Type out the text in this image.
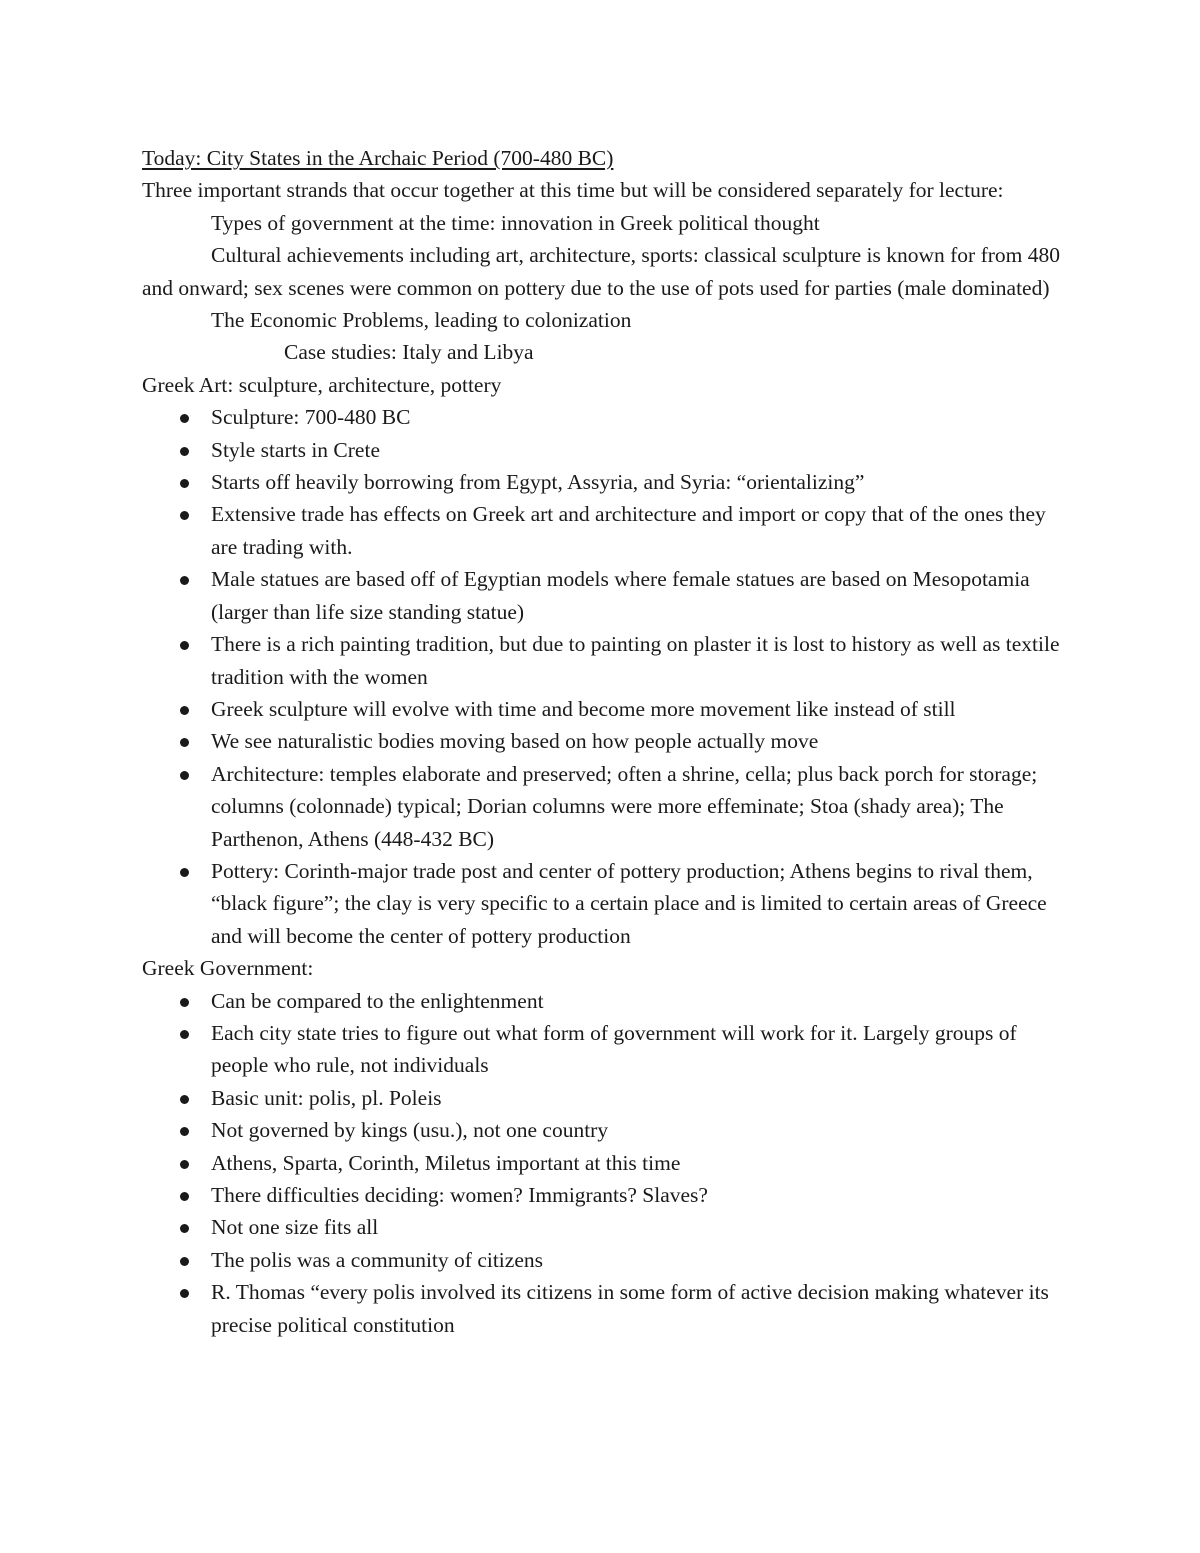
Today: City States in the Archaic Period (700-480 BC)

Three important strands that occur together at this time but will be considered separately for lecture:

Types of government at the time: innovation in Greek political thought

Cultural achievements including art, architecture, sports: classical sculpture is known for from 480 and onward; sex scenes were common on pottery due to the use of pots used for parties (male dominated)

The Economic Problems, leading to colonization

Case studies: Italy and Libya

Greek Art: sculpture, architecture, pottery

Sculpture: 700-480 BC
Style starts in Crete
Starts off heavily borrowing from Egypt, Assyria, and Syria: “orientalizing”
Extensive trade has effects on Greek art and architecture and import or copy that of the ones they are trading with.
Male statues are based off of Egyptian models where female statues are based on Mesopotamia (larger than life size standing statue)
There is a rich painting tradition, but due to painting on plaster it is lost to history as well as textile tradition with the women
Greek sculpture will evolve with time and become more movement like instead of still
We see naturalistic bodies moving based on how people actually move
Architecture: temples elaborate and preserved; often a shrine, cella; plus back porch for storage; columns (colonnade) typical; Dorian columns were more effeminate; Stoa (shady area); The Parthenon, Athens (448-432 BC)
Pottery: Corinth-major trade post and center of pottery production; Athens begins to rival them, “black figure”; the clay is very specific to a certain place and is limited to certain areas of Greece and will become the center of pottery production

Greek Government:

Can be compared to the enlightenment
Each city state tries to figure out what form of government will work for it. Largely groups of people who rule, not individuals
Basic unit: polis, pl. Poleis
Not governed by kings (usu.), not one country
Athens, Sparta, Corinth, Miletus important at this time
There difficulties deciding: women? Immigrants? Slaves?
Not one size fits all
The polis was a community of citizens
R. Thomas “every polis involved its citizens in some form of active decision making whatever its precise political constitution
